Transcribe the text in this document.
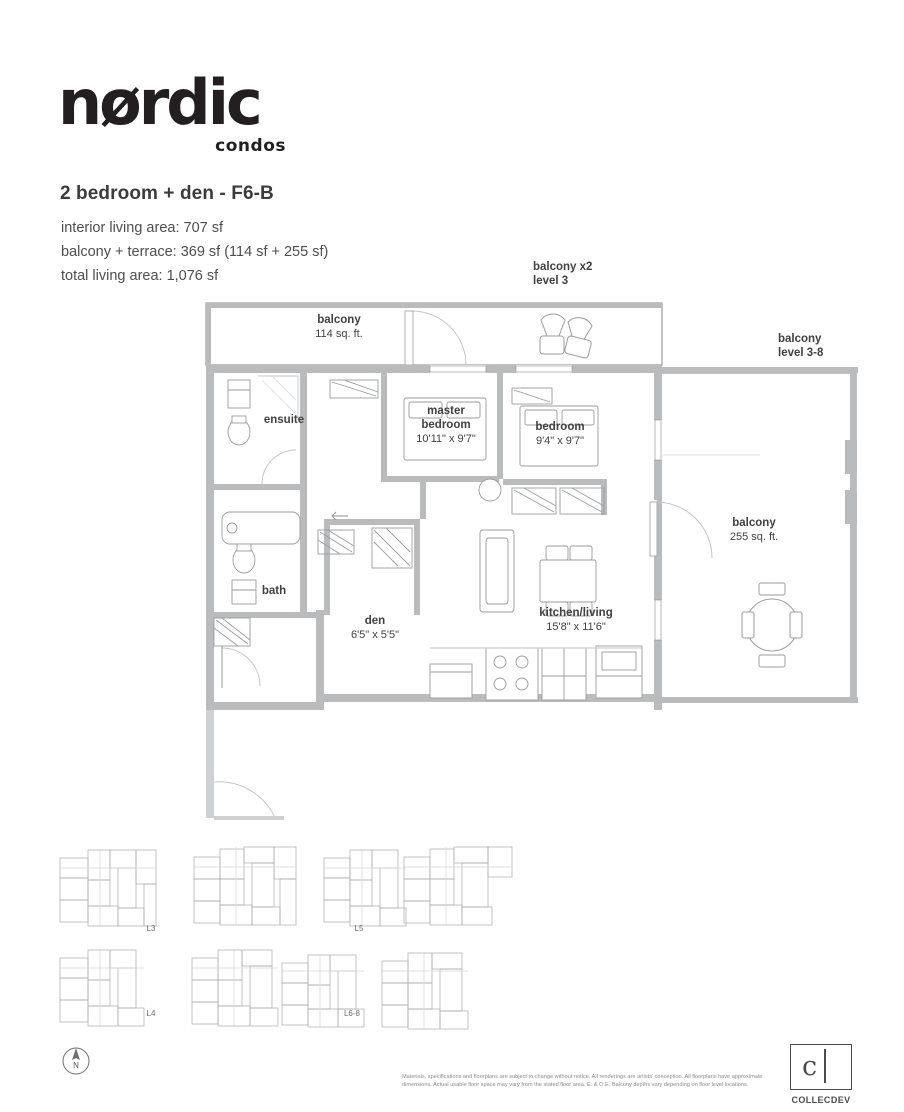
nørdic
condos
2 bedroom + den - F6-B
interior living area: 707 sf
balcony + terrace: 369 sf (114 sf + 255 sf)
total living area: 1,076 sf
balcony x2
level 3
balcony
114 sq. ft.	balcony
level 3-8
balcony
255 sq. ft.
ensuite
bath
master
bedroom
10'11" x 9'7"
bedroom
9'4" x 9'7"
den
6'5" x 5'5"
kitchen/living
15'8" x 11'6"
L3	L5
L4	L6-8
N
Materials, specifications and floorplans are subject to change without notice. All renderings are artists' conception. All floorplans have approximate dimensions. Actual usable floor space may vary from the stated floor area. E. & O.E. Balcony depths vary depending on floor level locations.
c
COLLECDEV
